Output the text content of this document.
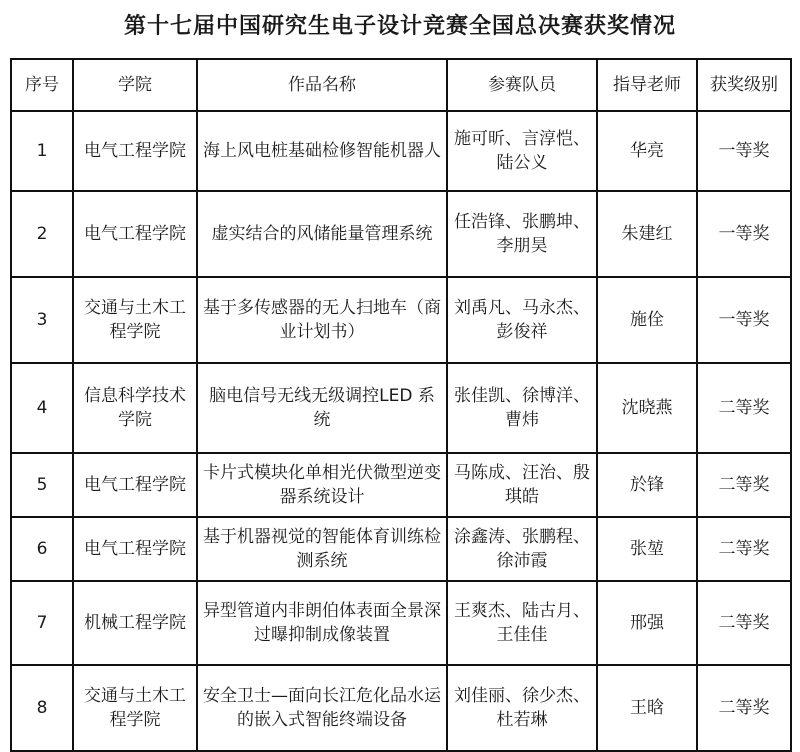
第十七届中国研究生电子设计竞赛全国总决赛获奖情况
序号	学院	作品名称	参赛队员	指导老师	获奖级别
1	电气工程学院	海上风电桩基础检修智能机器人	施可昕、言淳恺、陆公义	华亮	一等奖
2	电气工程学院	虚实结合的风储能量管理系统	任浩锋、张鹏坤、李朋昊	朱建红	一等奖
3	交通与土木工程学院	基于多传感器的无人扫地车（商业计划书）	刘禹凡、马永杰、彭俊祥	施佺	一等奖
4	信息科学技术学院	脑电信号无线无级调控LED 系统	张佳凯、徐博洋、曹炜	沈晓燕	二等奖
5	电气工程学院	卡片式模块化单相光伏微型逆变器系统设计	马陈成、汪治、殷琪皓	於锋	二等奖
6	电气工程学院	基于机器视觉的智能体育训练检测系统	涂鑫涛、张鹏程、徐沛霞	张堃	二等奖
7	机械工程学院	异型管道内非朗伯体表面全景深过曝抑制成像装置	王爽杰、陆古月、王佳佳	邢强	二等奖
8	交通与土木工程学院	安全卫士—面向长江危化品水运的嵌入式智能终端设备	刘佳丽、徐少杰、杜若琳	王晗	二等奖
